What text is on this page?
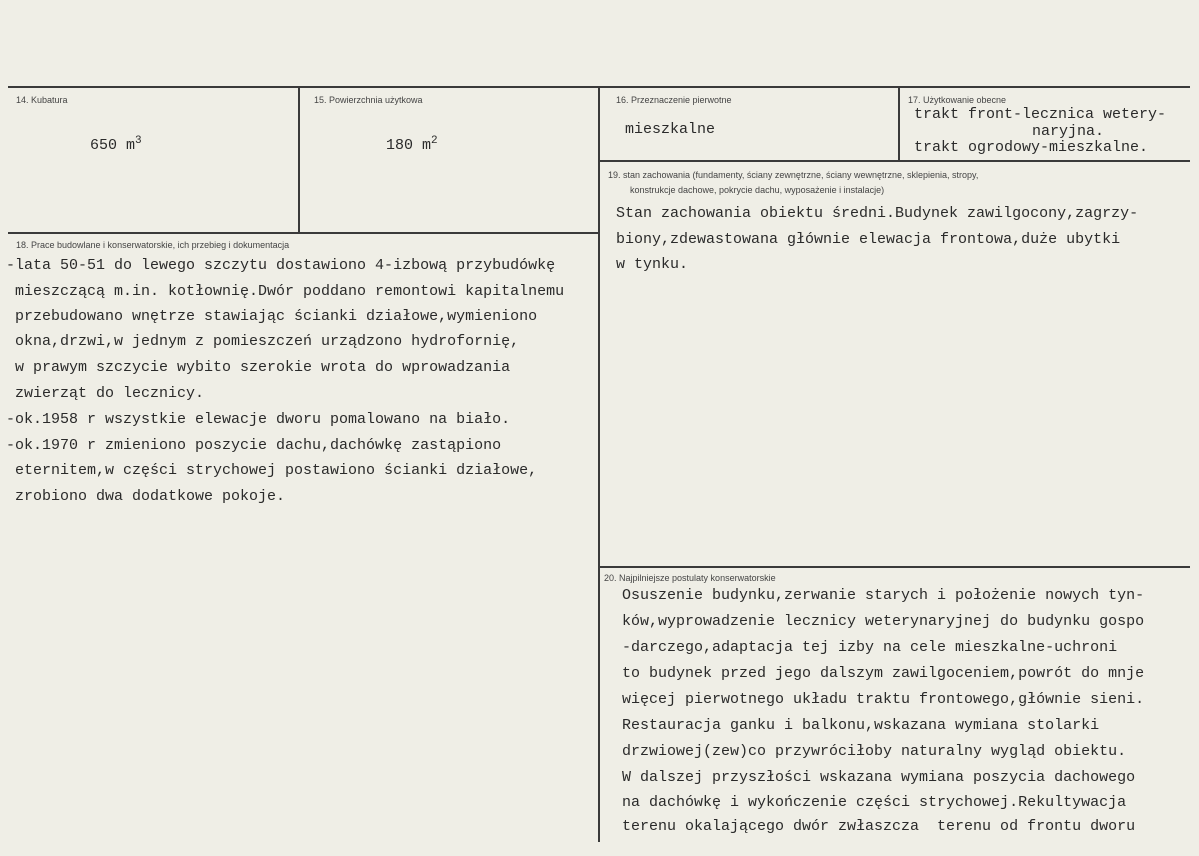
14. Kubatura

650 $m^3$

15. Powierzchnia użytkowa

180 $m^2$

16. Przeznaczenie pierwotne
mieszkalne
17. Użytkowanie obecne
trakt front-lecznica wetery-
naryjna.
trakt ogrodowy-mieszkalne.
18. Prace budowlane i konserwatorskie, ich przebieg i dokumentacja
-lata 50-51 do lewego szczytu dostawiono 4-izbową przybudówkę
mieszczącą m.in. kotłownię.Dwór poddano remontowi kapitalnemu
przebudowano wnętrze stawiając ścianki działowe,wymieniono
okna,drzwi,w jednym z pomieszczeń urządzono hydrofornię,
w prawym szczycie wybito szerokie wrota do wprowadzania
zwierząt do lecznicy.
-ok.1958 r wszystkie elewacje dworu pomalowano na biało.
-ok.1970 r zmieniono poszycie dachu,dachówkę zastąpiono
eternitem,w części strychowej postawiono ścianki działowe,
zrobiono dwa dodatkowe pokoje.
19. stan zachowania (fundamenty, ściany zewnętrzne, ściany wewnętrzne, sklepienia, stropy,
konstrukcje dachowe, pokrycie dachu, wyposażenie i instalacje)
Stan zachowania obiektu średni.Budynek zawilgocony,zagrzy-
biony,zdewastowana głównie elewacja frontowa,duże ubytki
w tynku.
20. Najpilniejsze postulaty konserwatorskie
Osuszenie budynku,zerwanie starych i położenie nowych tyn-
ków,wyprowadzenie lecznicy weterynaryjnej do budynku gospo
-darczego,adaptacja tej izby na cele mieszkalne-uchroni
to budynek przed jego dalszym zawilgoceniem,powrót do mnje
więcej pierwotnego układu traktu frontowego,głównie sieni.
Restauracja ganku i balkonu,wskazana wymiana stolarki
drzwiowej(zew)co przywróciłoby naturalny wygląd obiektu.
W dalszej przyszłości wskazana wymiana poszycia dachowego
na dachówkę i wykończenie części strychowej.Rekultywacja
terenu okalającego dwór zwłaszcza  terenu od frontu dworu
